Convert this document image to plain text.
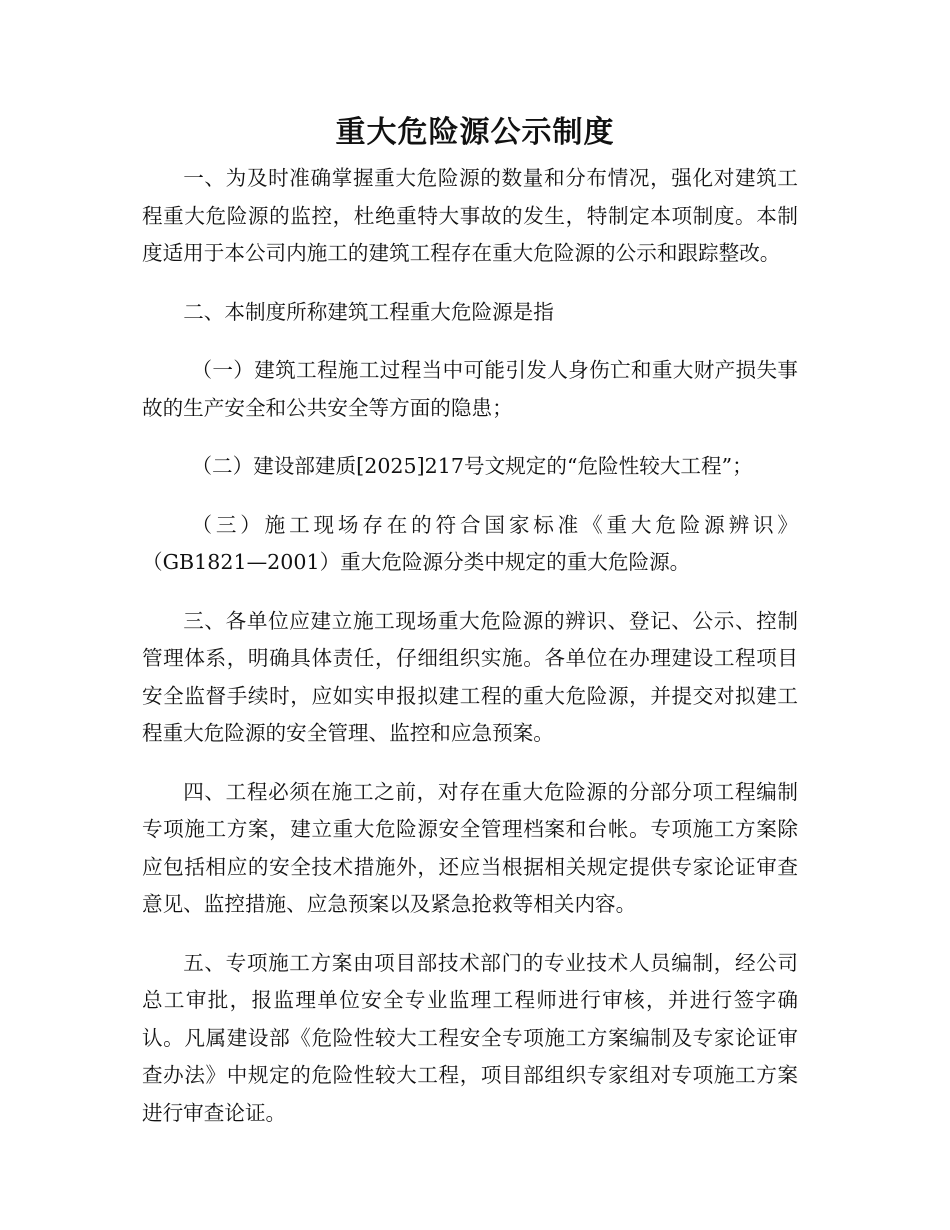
重大危险源公示制度

一、为及时准确掌握重大危险源的数量和分布情况，强化对建筑工程重大危险源的监控，杜绝重特大事故的发生，特制定本项制度。本制度适用于本公司内施工的建筑工程存在重大危险源的公示和跟踪整改。

二、本制度所称建筑工程重大危险源是指

（一）建筑工程施工过程当中可能引发人身伤亡和重大财产损失事故的生产安全和公共安全等方面的隐患；

（二）建设部建质[2025]217号文规定的“危险性较大工程”；

（三）施工现场存在的符合国家标准《重大危险源辨识》（GB1821—2001）重大危险源分类中规定的重大危险源。

三、各单位应建立施工现场重大危险源的辨识、登记、公示、控制管理体系，明确具体责任，仔细组织实施。各单位在办理建设工程项目安全监督手续时，应如实申报拟建工程的重大危险源，并提交对拟建工程重大危险源的安全管理、监控和应急预案。

四、工程必须在施工之前，对存在重大危险源的分部分项工程编制专项施工方案，建立重大危险源安全管理档案和台帐。专项施工方案除应包括相应的安全技术措施外，还应当根据相关规定提供专家论证审查意见、监控措施、应急预案以及紧急抢救等相关内容。

五、专项施工方案由项目部技术部门的专业技术人员编制，经公司总工审批，报监理单位安全专业监理工程师进行审核，并进行签字确认。凡属建设部《危险性较大工程安全专项施工方案编制及专家论证审查办法》中规定的危险性较大工程，项目部组织专家组对专项施工方案进行审查论证。
